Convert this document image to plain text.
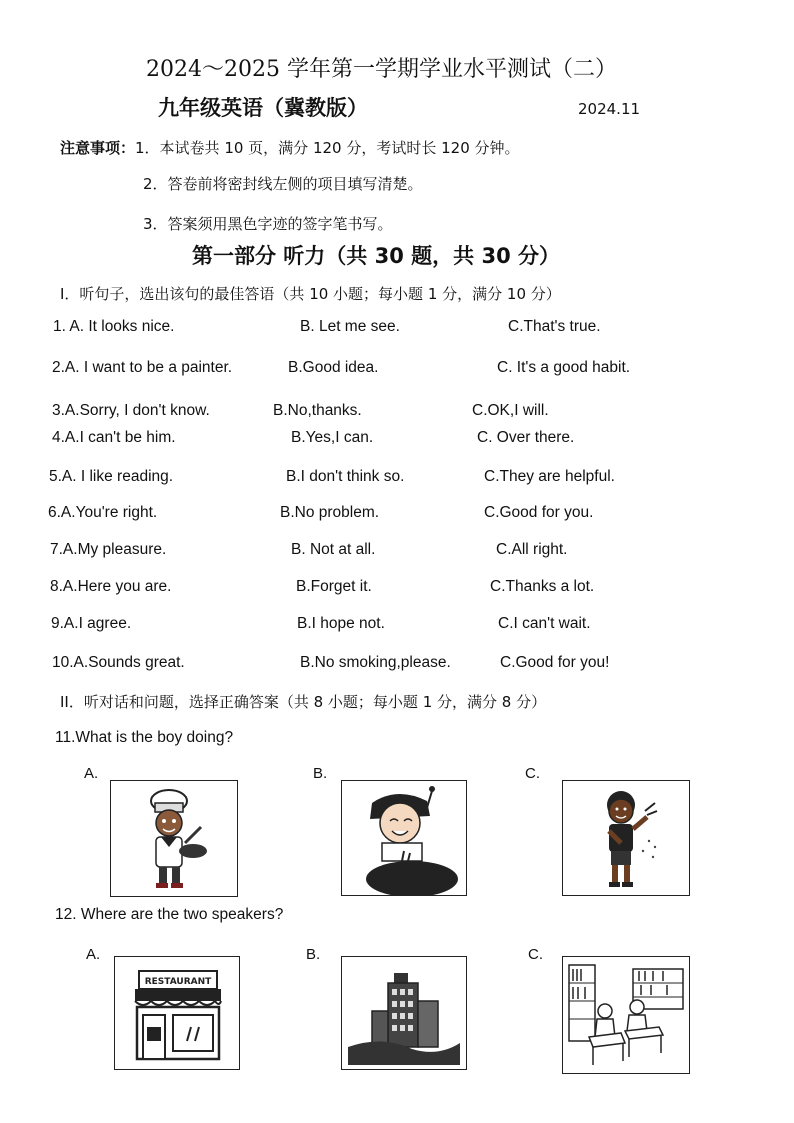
2024～2025 学年第一学期学业水平测试（二）
九年级英语（冀教版）	2024.11
注意事项：1．本试卷共 10 页，满分 120 分，考试时长 120 分钟。
2．答卷前将密封线左侧的项目填写清楚。
3．答案须用黑色字迹的签字笔书写。
第一部分 听力（共 30 题，共 30 分）
I．听句子，选出该句的最佳答语（共 10 小题；每小题 1 分，满分 10 分）
1. A. It looks nice.	B. Let me see.	C.That's true.
2.A. I want to be a painter.	B.Good idea.	C. It's a good habit.
3.A.Sorry, I don't know.	B.No,thanks.	C.OK,I will.
4.A.I can't be him.	B.Yes,I can.	C. Over there.
5.A. I like reading.	B.I don't think so.	C.They are helpful.
6.A.You're right.	B.No problem.	C.Good for you.
7.A.My pleasure.	B. Not at all.	C.All right.
8.A.Here you are.	B.Forget it.	C.Thanks a lot.
9.A.I agree.	B.I hope not.	C.I can't wait.
10.A.Sounds great.	B.No smoking,please.	C.Good for you!
II．听对话和问题，选择正确答案（共 8 小题；每小题 1 分，满分 8 分）
11.What is the boy doing?
A.	B.	C.
12. Where are the two speakers?
A.	B.	C.
RESTAURANT
